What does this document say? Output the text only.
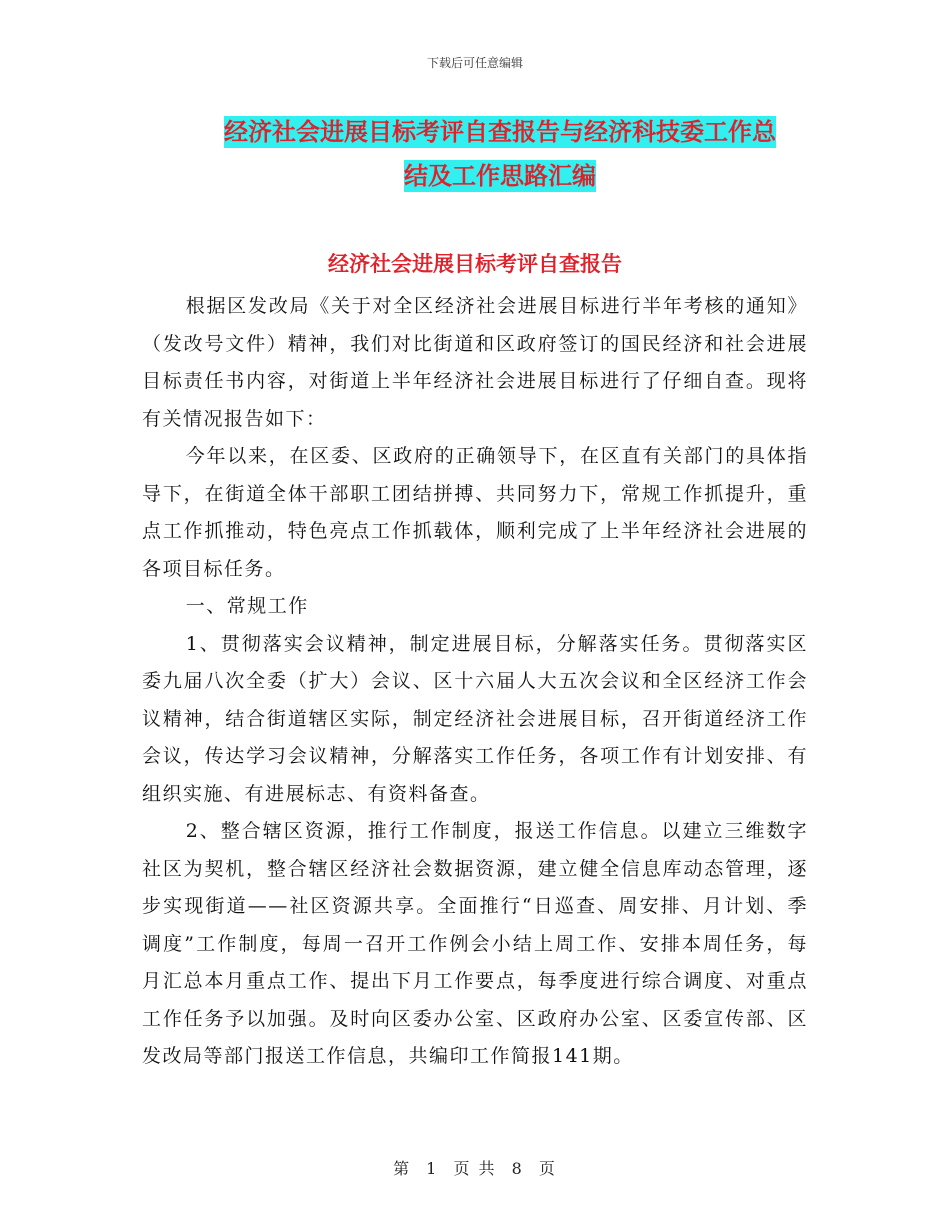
下载后可任意编辑
经济社会进展目标考评自查报告与经济科技委工作总
结及工作思路汇编
经济社会进展目标考评自查报告

根据区发改局《关于对全区经济社会进展目标进行半年考核的通知》（发改号文件）精神，我们对比街道和区政府签订的国民经济和社会进展目标责任书内容，对街道上半年经济社会进展目标进行了仔细自查。现将有关情况报告如下：

今年以来，在区委、区政府的正确领导下，在区直有关部门的具体指导下，在街道全体干部职工团结拼搏、共同努力下，常规工作抓提升，重点工作抓推动，特色亮点工作抓载体，顺利完成了上半年经济社会进展的各项目标任务。

一、常规工作

1、贯彻落实会议精神，制定进展目标，分解落实任务。贯彻落实区委九届八次全委（扩大）会议、区十六届人大五次会议和全区经济工作会议精神，结合街道辖区实际，制定经济社会进展目标，召开街道经济工作会议，传达学习会议精神，分解落实工作任务，各项工作有计划安排、有组织实施、有进展标志、有资料备查。

2、整合辖区资源，推行工作制度，报送工作信息。以建立三维数字社区为契机，整合辖区经济社会数据资源，建立健全信息库动态管理，逐步实现街道——社区资源共享。全面推行“日巡查、周安排、月计划、季调度”工作制度，每周一召开工作例会小结上周工作、安排本周任务，每月汇总本月重点工作、提出下月工作要点，每季度进行综合调度、对重点工作任务予以加强。及时向区委办公室、区政府办公室、区委宣传部、区发改局等部门报送工作信息，共编印工作简报141期。

第 1 页 共 8 页
